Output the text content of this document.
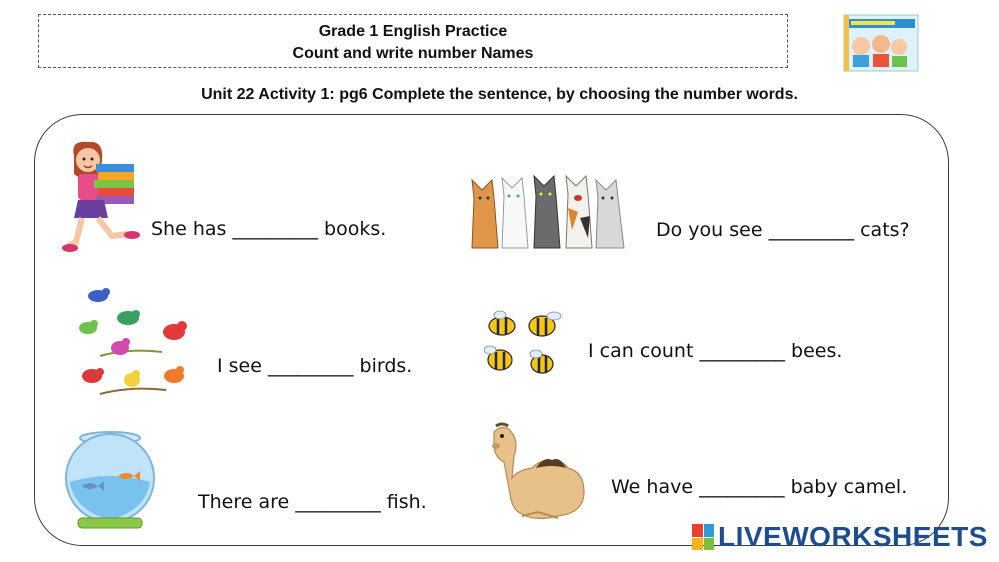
Grade 1 English Practice
Count and write number Names
Unit 22 Activity 1: pg6 Complete the sentence, by choosing the number words.
She has _________ books.	Do you see _________ cats?
I see _________ birds.
I can count _________ bees.
There are _________ fish.
We have _________ baby camel.
LIVEWORKSHEETS
